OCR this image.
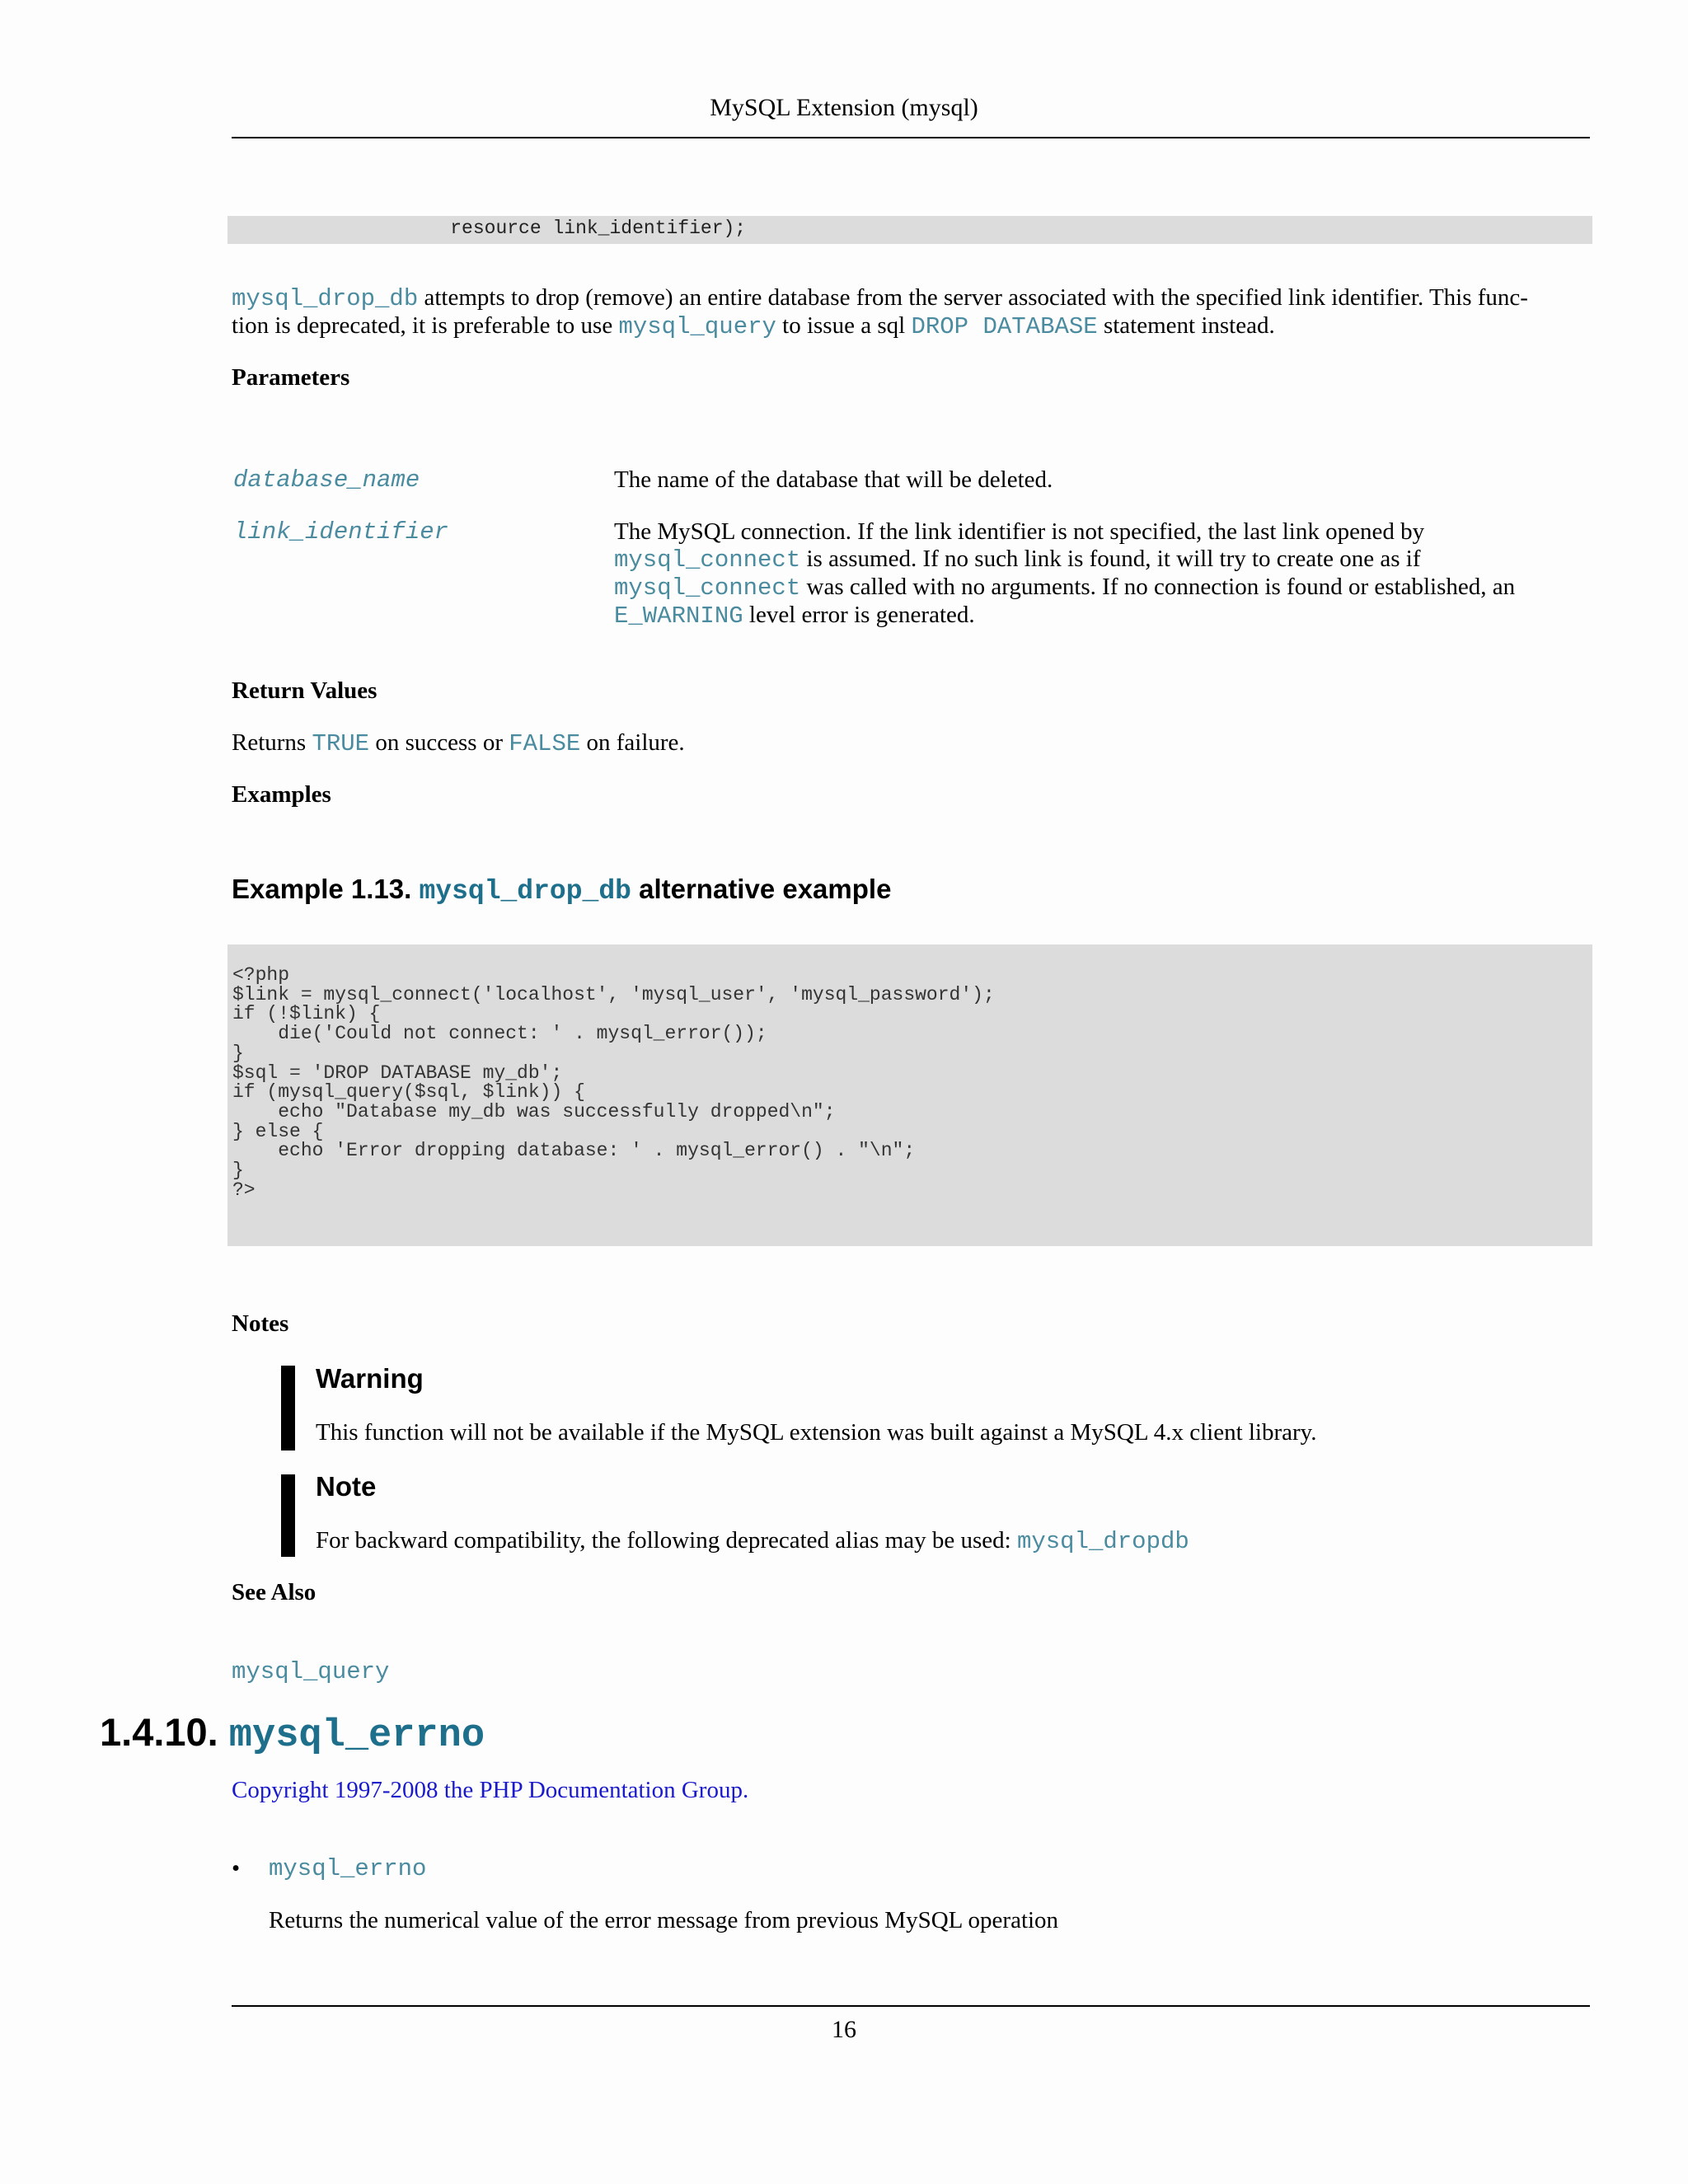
MySQL Extension (mysql)
resource link_identifier);
mysql_drop_db attempts to drop (remove) an entire database from the server associated with the specified link identifier. This func-
tion is deprecated, it is preferable to use mysql_query to issue a sql DROP DATABASE statement instead.
Parameters
database_name	The name of the database that will be deleted.
link_identifier	The MySQL connection. If the link identifier is not specified, the last link opened by
mysql_connect is assumed. If no such link is found, it will try to create one as if
mysql_connect was called with no arguments. If no connection is found or established, an
E_WARNING level error is generated.
Return Values
Returns TRUE on success or FALSE on failure.
Examples
Example 1.13. mysql_drop_db alternative example
<?php
$link = mysql_connect('localhost', 'mysql_user', 'mysql_password');
if (!$link) {
die('Could not connect: ' . mysql_error());
}
$sql = 'DROP DATABASE my_db';
if (mysql_query($sql, $link)) {
echo "Database my_db was successfully dropped\n";
} else {
echo 'Error dropping database: ' . mysql_error() . "\n";
}
?>
Notes
Warning
This function will not be available if the MySQL extension was built against a MySQL 4.x client library.
Note
For backward compatibility, the following deprecated alias may be used: mysql_dropdb
See Also
mysql_query
1.4.10. mysql_errno
Copyright 1997-2008 the PHP Documentation Group.
• mysql_errno
Returns the numerical value of the error message from previous MySQL operation
16
